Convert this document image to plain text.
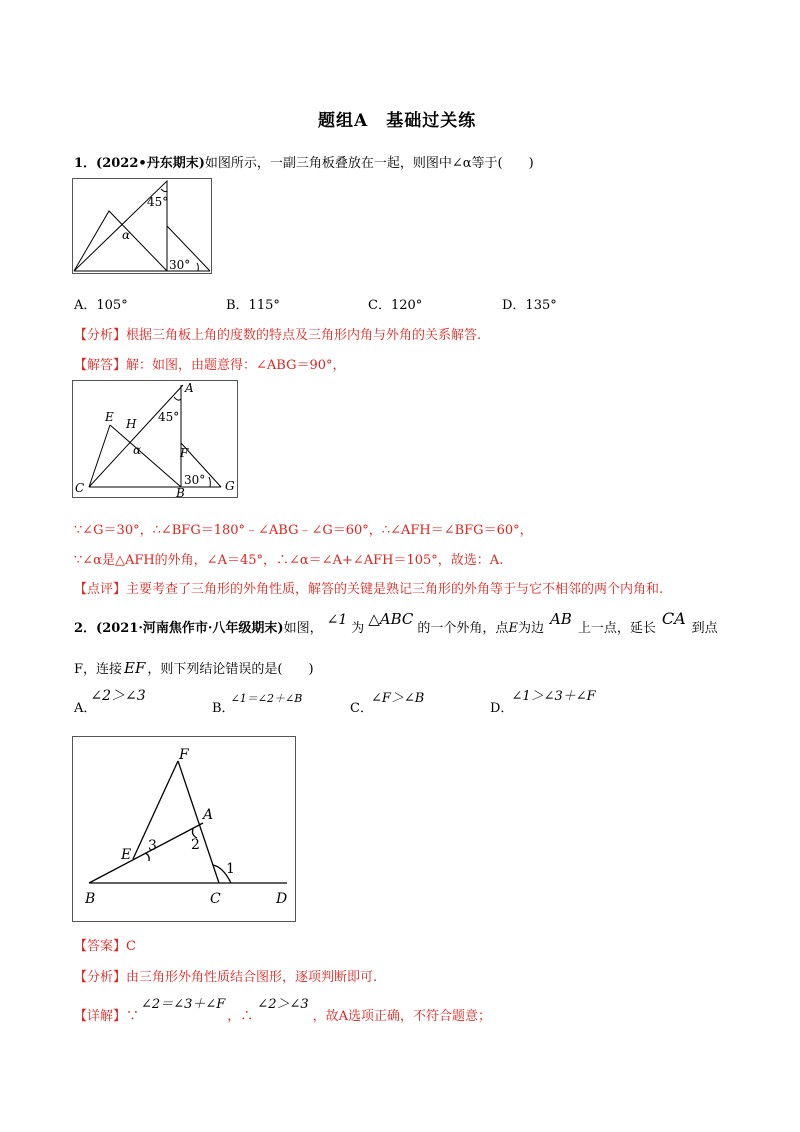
题组A　基础过关练
1．(2022•丹东期末)如图所示，一副三角板叠放在一起，则图中∠α等于(　　)
45°
α
30°
A．105°	B．115°	C．120°	D．135°
【分析】根据三角板上角的度数的特点及三角形内角与外角的关系解答.
【解答】解：如图，由题意得：∠ABG＝90°，
A
E H 45°
α	F
C	B	G
30°
∵∠G＝30°，∴∠BFG＝180°﹣∠ABG﹣∠G＝60°，∴∠AFH＝∠BFG＝60°，
∵∠α是△AFH的外角，∠A＝45°，∴∠α＝∠A+∠AFH＝105°，故选：A.
【点评】主要考查了三角形的外角性质，解答的关键是熟记三角形的外角等于与它不相邻的两个内角和.
2．(2021·河南焦作市·八年级期末)如图，∠1为△ABC的一个外角，点E为边AB上一点，延长CA到点
F，连接 EF ，则下列结论错误的是(　　)
A．∠2＞∠3
B．$^{\angle 1=\angle 2+\angle B}$
C．∠F＞∠B
D．∠1＞∠3＋∠F
F
A
E
3 2
1
B	C	D
【答案】C
【分析】由三角形外角性质结合图形，逐项判断即可.
【详解】∵∠2＝∠3＋∠F，∴∠2＞∠3，故A选项正确，不符合题意；
